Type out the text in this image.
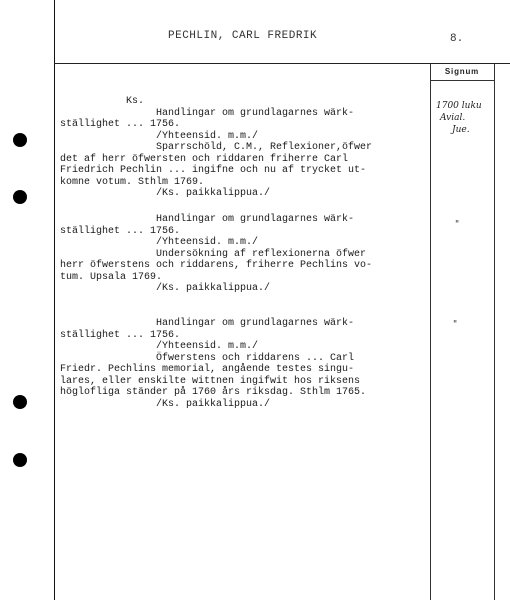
PECHLIN, CARL FREDRIK	8.
Signum
1700 luku
Avial.
Jue.
"
"
Ks.
Handlingar om grundlagarnes wärk-
ställighet ... 1756.
/Yhteensid. m.m./
Sparrschöld, C.M., Reflexioner,öfwer
det af herr öfwersten och riddaren friherre Carl
Friedrich Pechlin ... ingifne och nu af trycket ut-
komne votum. Sthlm 1769.
/Ks. paikkalippua./
Handlingar om grundlagarnes wärk-
ställighet ... 1756.
/Yhteensid. m.m./
Undersökning af reflexionerna öfwer
herr öfwerstens och riddarens, friherre Pechlins vo-
tum. Upsala 1769.
/Ks. paikkalippua./
Handlingar om grundlagarnes wärk-
ställighet ... 1756.
/Yhteensid. m.m./
Öfwerstens och riddarens ... Carl
Friedr. Pechlins memorial, angående testes singu-
lares, eller enskilte wittnen ingifwit hos riksens
höglofliga ständer på 1760 års riksdag. Sthlm 1765.
/Ks. paikkalippua./
